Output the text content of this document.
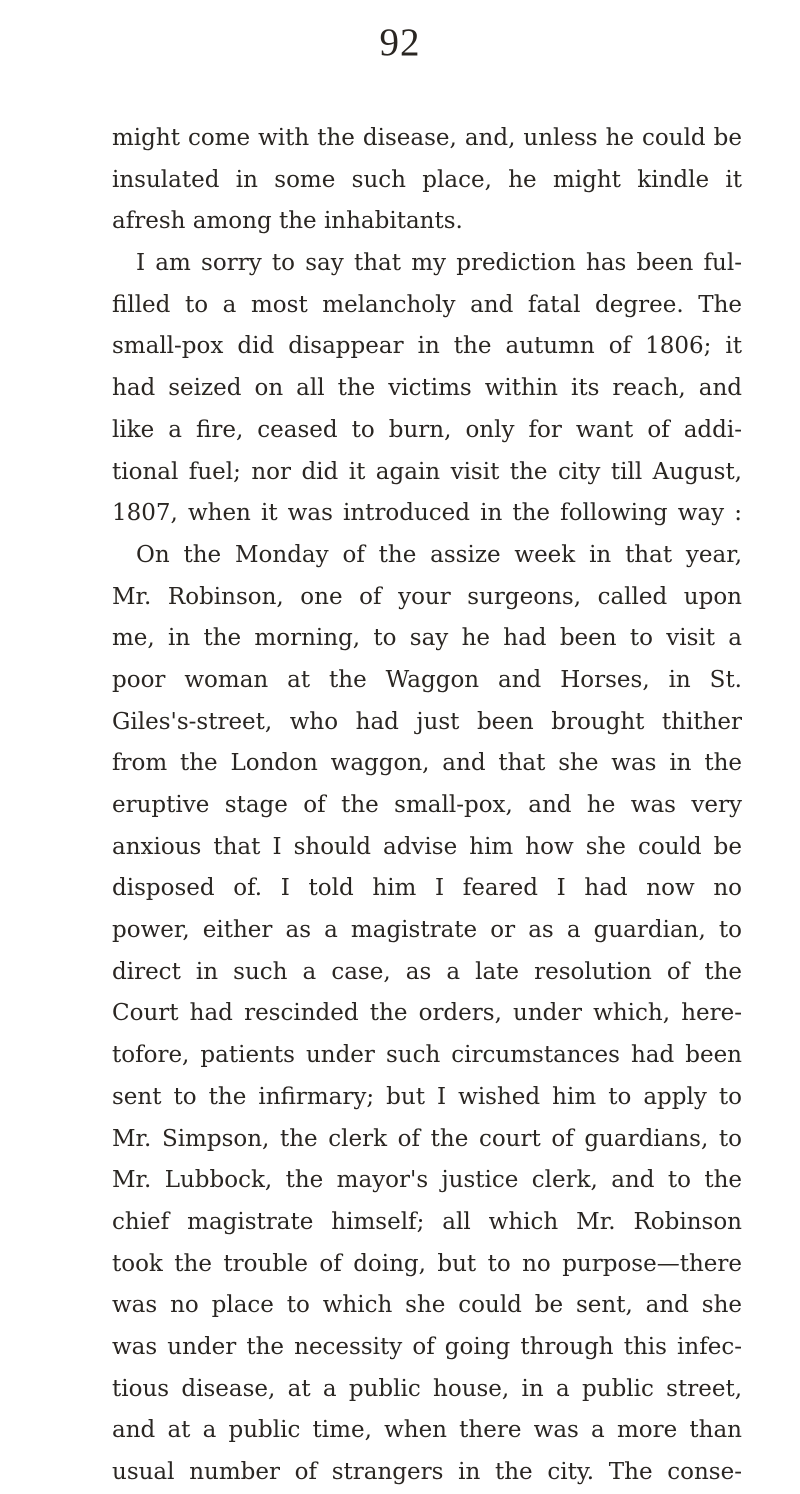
92
might come with the disease, and, unless he could be
insulated in some such place, he might kindle it
afresh among the inhabitants.
I am sorry to say that my prediction has been ful-
filled to a most melancholy and fatal degree. The
small-pox did disappear in the autumn of 1806; it
had seized on all the victims within its reach, and
like a fire, ceased to burn, only for want of addi-
tional fuel; nor did it again visit the city till August,
1807, when it was introduced in the following way :
On the Monday of the assize week in that year,
Mr. Robinson, one of your surgeons, called upon
me, in the morning, to say he had been to visit a
poor woman at the Waggon and Horses, in St.
Giles's-street, who had just been brought thither
from the London waggon, and that she was in the
eruptive stage of the small-pox, and he was very
anxious that I should advise him how she could be
disposed of. I told him I feared I had now no
power, either as a magistrate or as a guardian, to
direct in such a case, as a late resolution of the
Court had rescinded the orders, under which, here-
tofore, patients under such circumstances had been
sent to the infirmary; but I wished him to apply to
Mr. Simpson, the clerk of the court of guardians, to
Mr. Lubbock, the mayor's justice clerk, and to the
chief magistrate himself; all which Mr. Robinson
took the trouble of doing, but to no purpose—there
was no place to which she could be sent, and she
was under the necessity of going through this infec-
tious disease, at a public house, in a public street,
and at a public time, when there was a more than
usual number of strangers in the city. The conse-
